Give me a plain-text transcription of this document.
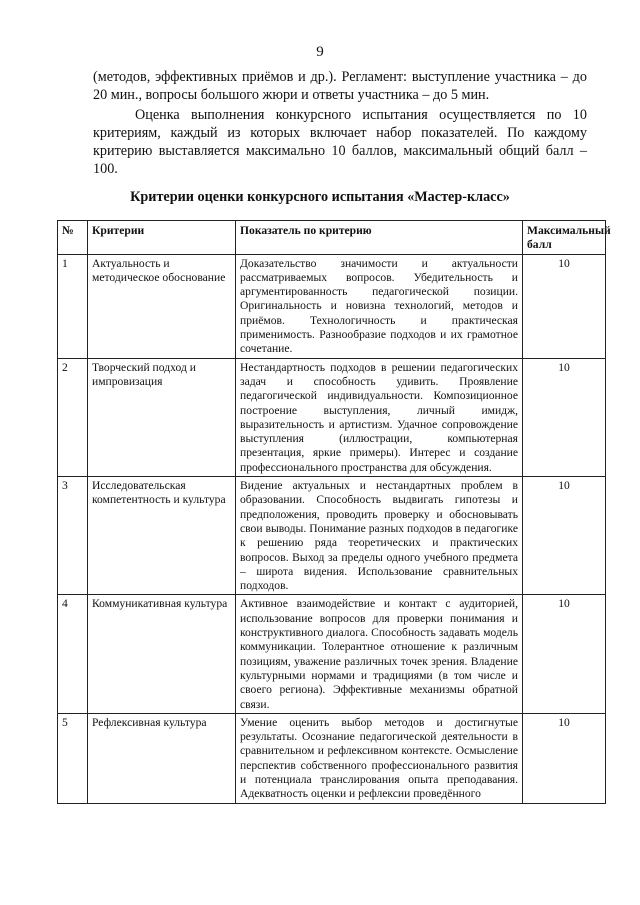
9

(методов, эффективных приёмов и др.). Регламент: выступление участника – до 20 мин., вопросы большого жюри и ответы участника – до 5 мин.

Оценка выполнения конкурсного испытания осуществляется по 10 критериям, каждый из которых включает набор показателей. По каждому критерию выставляется максимально 10 баллов, максимальный общий балл – 100.

Критерии оценки конкурсного испытания «Мастер-класс»
№	Критерии	Показатель по критерию	Максимальный балл
1	Актуальность и методическое обоснование	Доказательство значимости и актуальности рассматриваемых вопросов. Убедительность и аргументированность педагогической позиции. Оригинальность и новизна технологий, методов и приёмов. Технологичность и практическая применимость. Разнообразие подходов и их грамотное сочетание.	10
2	Творческий подход и импровизация	Нестандартность подходов в решении педагогических задач и способность удивить. Проявление педагогической индивидуальности. Композиционное построение выступления, личный имидж, выразительность и артистизм. Удачное сопровождение выступления (иллюстрации, компьютерная презентация, яркие примеры). Интерес и создание профессионального пространства для обсуждения.	10
3	Исследовательская компетентность и культура	Видение актуальных и нестандартных проблем в образовании. Способность выдвигать гипотезы и предположения, проводить проверку и обосновывать свои выводы. Понимание разных подходов в педагогике к решению ряда теоретических и практических вопросов. Выход за пределы одного учебного предмета – широта видения. Использование сравнительных подходов.	10
4	Коммуникативная культура	Активное взаимодействие и контакт с аудиторией, использование вопросов для проверки понимания и конструктивного диалога. Способность задавать модель коммуникации. Толерантное отношение к различным позициям, уважение различных точек зрения. Владение культурными нормами и традициями (в том числе и своего региона). Эффективные механизмы обратной связи.	10
5	Рефлексивная культура	Умение оценить выбор методов и достигнутые результаты. Осознание педагогической деятельности в сравнительном и рефлексивном контексте. Осмысление перспектив собственного профессионального развития и потенциала транслирования опыта преподавания. Адекватность оценки и рефлексии проведённого	10
